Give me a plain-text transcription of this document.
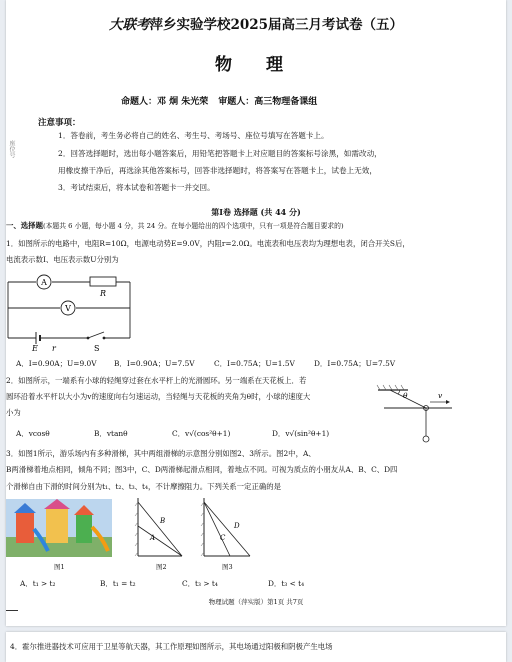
大联考萍乡实验学校2025届高三月考试卷（五）
物 理
命题人：邓 炯 朱光荣 审题人：高三物理备课组
座位号
注意事项：
1．答卷前，考生务必将自己的姓名、考生号、考场号、座位号填写在答题卡上。
2．回答选择题时，选出每小题答案后，用铅笔把答题卡上对应题目的答案标号涂黑，如需改动，
用橡皮擦干净后，再选涂其他答案标号，回答非选择题时，将答案写在答题卡上，试卷上无效，
3．考试结束后，将本试卷和答题卡一并交回。
第Ⅰ卷 选择题 (共 44 分)
一、选择题(本题共 6 小题，每小题 4 分，共 24 分。在每小题给出的四个选项中，只有一项是符合题目要求的)
1．如图所示的电路中，电阻R=10Ω，电源电动势E=9.0V，内阻r=2.0Ω。电流表和电压表均为理想电表，闭合开关S后，
电流表示数I、电压表示数U分别为
A
R
V
E r	S
A．I=0.90A；U=9.0V B．I=0.90A；U=7.5V	C．I=0.75A；U=1.5V	D．I=0.75A；U=7.5V
2．如图所示，一端系有小球的轻绳穿过套在水平杆上的光滑圆环。另一端系在天花板上．若
圆环沿着水平杆以大小为v的速度向右匀速运动，当轻绳与天花板的夹角为θ时，小球的速度大
小为
θ	v
A．vcosθ	B．vtanθ	C．v√(cos²θ+1)	D．v√(sin²θ+1)
3．如图1所示，游乐场内有多种滑梯，其中两组滑梯的示意图分别如图2、3所示。图2中，A、
B两滑梯着地点相同，倾角不同；图3中，C、D两滑梯起滑点相同，着地点不同。可视为质点的小朋友从A、B、C、D四
个滑梯自由下滑的时间分别为t₁、t₂、t₃、t₄，不计摩擦阻力。下列关系一定正确的是
B
A
D
C
图1	图2	图3
A．t₁ > t₂	B．t₁ = t₂	C．t₃ > t₄	D．t₃ < t₄
物理试题（萍实版）第1页 共7页
4．霍尔推进器技术可应用于卫星等航天器，其工作原理如图所示，其电场通过阳极和阴极产生电场
